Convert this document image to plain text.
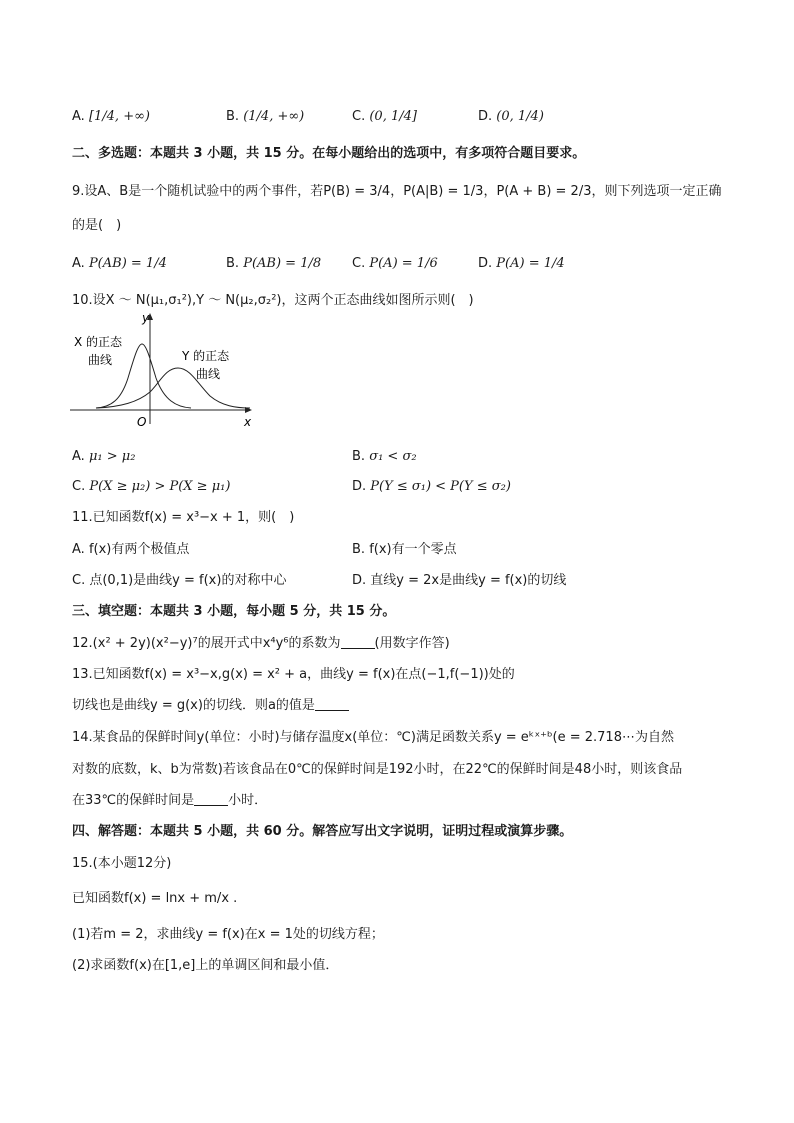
A. [1/4, +∞)	B. (1/4, +∞)	C. (0, 1/4]	D. (0, 1/4)
二、多选题：本题共 3 小题，共 15 分。在每小题给出的选项中，有多项符合题目要求。
9.设A、B是一个随机试验中的两个事件，若P(B) = 3/4，P(A|B) = 1/3，P(A + B) = 2/3，则下列选项一定正确
的是(　)
A. P(AB) = 1/4	B. P(AB) = 1/8 C. P(A) = 1/6	D. P(A) = 1/4
10.设X ～ N(μ₁,σ₁²),Y ～ N(μ₂,σ₂²)，这两个正态曲线如图所示则(　)
y
x
O
X 的正态
曲线	Y 的正态
曲线
A. μ₁ > μ₂	B. σ₁ < σ₂
C. P(X ≥ μ₂) > P(X ≥ μ₁)	D. P(Y ≤ σ₁) < P(Y ≤ σ₂)
11.已知函数f(x) = x³−x + 1，则(　)
A. f(x)有两个极值点	B. f(x)有一个零点
C. 点(0,1)是曲线y = f(x)的对称中心	D. 直线y = 2x是曲线y = f(x)的切线
三、填空题：本题共 3 小题，每小题 5 分，共 15 分。
12.(x² + 2y)(x²−y)⁷的展开式中x⁴y⁶的系数为	(用数字作答)
13.已知函数f(x) = x³−x,g(x) = x² + a，曲线y = f(x)在点(−1,f(−1))处的
切线也是曲线y = g(x)的切线．则a的值是
14.某食品的保鲜时间y(单位：小时)与储存温度x(单位：℃)满足函数关系y = eᵏˣ⁺ᵇ(e = 2.718⋯为自然
对数的底数，k、b为常数)若该食品在0℃的保鲜时间是192小时，在22℃的保鲜时间是48小时，则该食品
在33℃的保鲜时间是	小时．
四、解答题：本题共 5 小题，共 60 分。解答应写出文字说明，证明过程或演算步骤。
15.(本小题12分)
已知函数f(x) = lnx + m/x .
(1)若m = 2，求曲线y = f(x)在x = 1处的切线方程；
(2)求函数f(x)在[1,e]上的单调区间和最小值．
